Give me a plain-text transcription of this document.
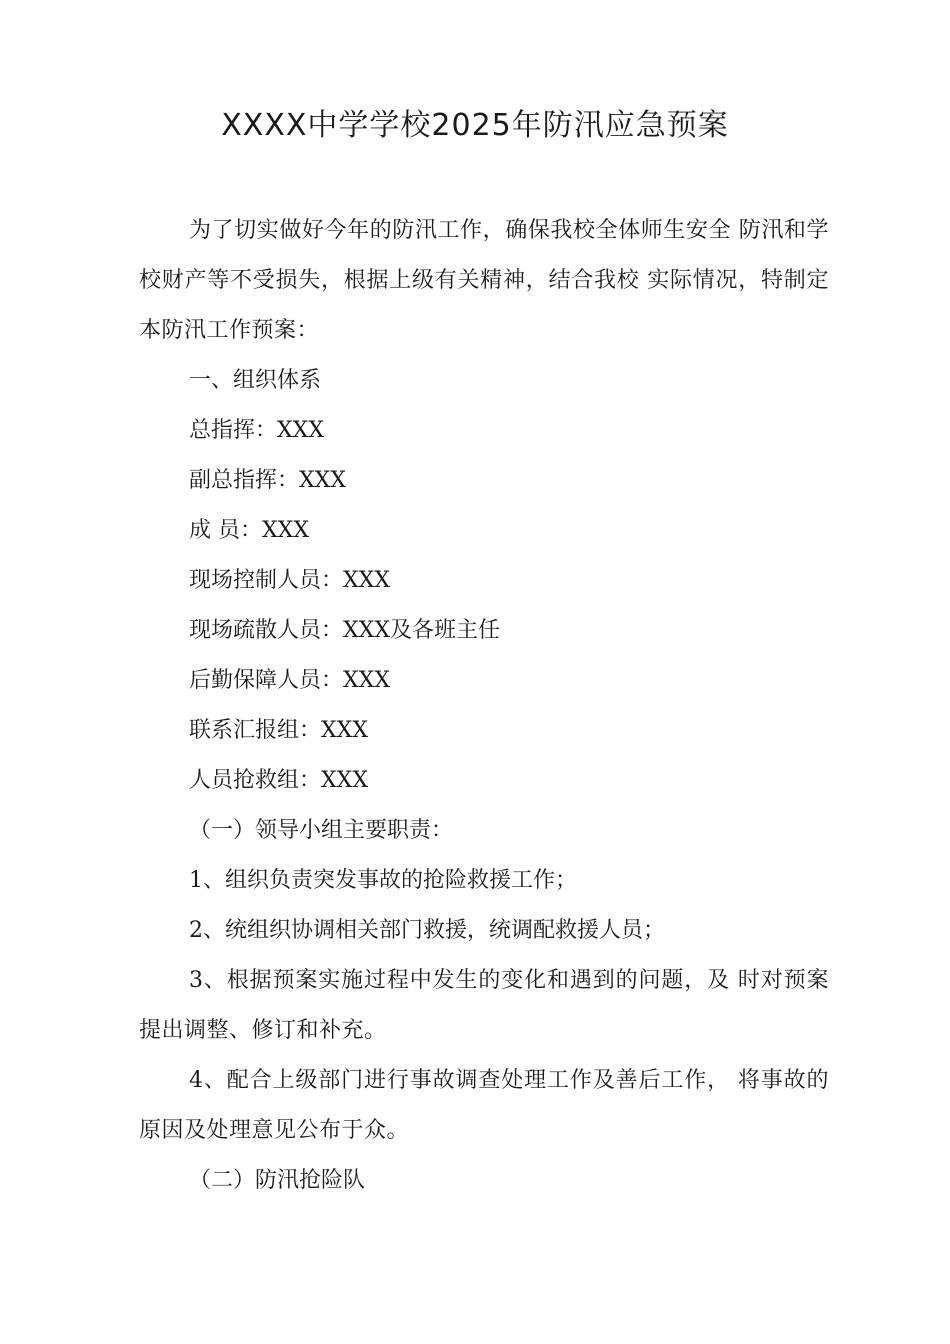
XXXX中学学校2025年防汛应急预案

为了切实做好今年的防汛工作，确保我校全体师生安全 防汛和学校财产等不受损失，根据上级有关精神，结合我校 实际情况，特制定本防汛工作预案：

一、组织体系

总指挥：XXX

副总指挥：XXX

成 员：XXX

现场控制人员：XXX

现场疏散人员：XXX及各班主任

后勤保障人员：XXX

联系汇报组：XXX

人员抢救组：XXX

（一）领导小组主要职责：

1、组织负责突发事故的抢险救援工作；

2、统组织协调相关部门救援，统调配救援人员；

3、根据预案实施过程中发生的变化和遇到的问题，及 时对预案提出调整、修订和补充。

4、配合上级部门进行事故调查处理工作及善后工作， 将事故的原因及处理意见公布于众。

（二）防汛抢险队
